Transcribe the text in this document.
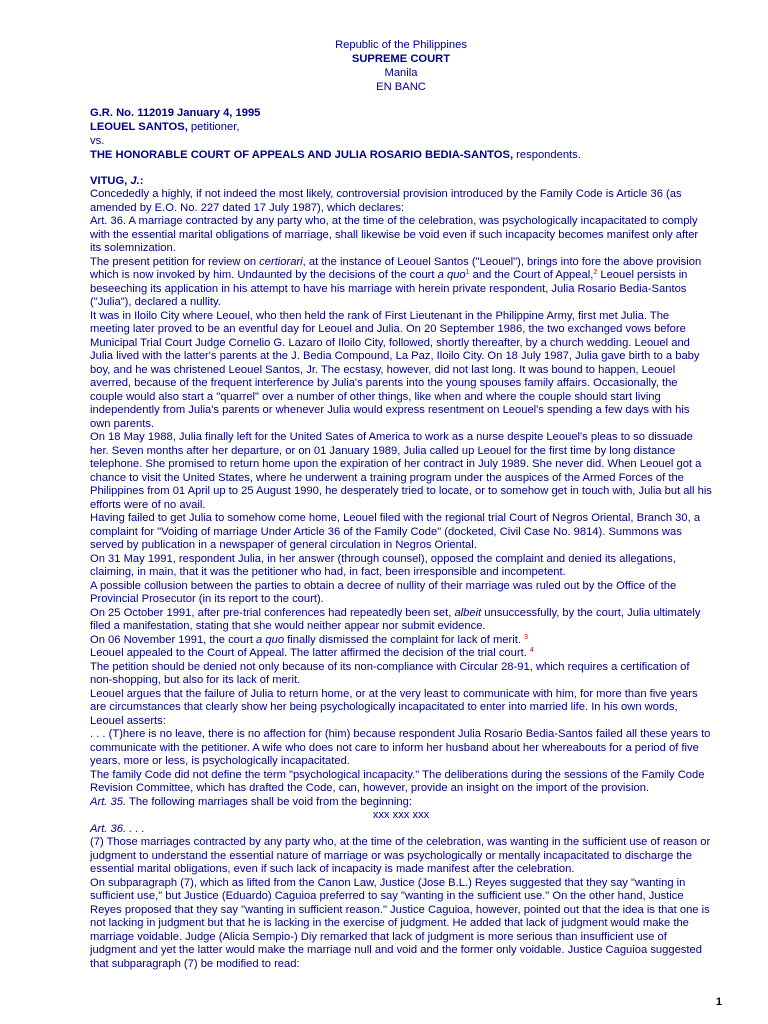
Republic of the Philippines
SUPREME COURT
Manila
EN BANC
G.R. No. 112019 January 4, 1995
LEOUEL SANTOS, petitioner,
vs.
THE HONORABLE COURT OF APPEALS AND JULIA ROSARIO BEDIA-SANTOS, respondents.
VITUG, J.:

Concededly a highly, if not indeed the most likely, controversial provision introduced by the Family Code is Article 36 (as amended by E.O. No. 227 dated 17 July 1987), which declares:

Art. 36. A marriage contracted by any party who, at the time of the celebration, was psychologically incapacitated to comply with the essential marital obligations of marriage, shall likewise be void even if such incapacity becomes manifest only after its solemnization.

The present petition for review on certiorari, at the instance of Leouel Santos ("Leouel"), brings into fore the above provision which is now invoked by him. Undaunted by the decisions of the court a quo$^1$ and the Court of Appeal,$^2$ Leouel persists in beseeching its application in his attempt to have his marriage with herein private respondent, Julia Rosario Bedia-Santos ("Julia"), declared a nullity.

It was in Iloilo City where Leouel, who then held the rank of First Lieutenant in the Philippine Army, first met Julia. The meeting later proved to be an eventful day for Leouel and Julia. On 20 September 1986, the two exchanged vows before Municipal Trial Court Judge Cornelio G. Lazaro of Iloilo City, followed, shortly thereafter, by a church wedding. Leouel and Julia lived with the latter's parents at the J. Bedia Compound, La Paz, Iloilo City. On 18 July 1987, Julia gave birth to a baby boy, and he was christened Leouel Santos, Jr. The ecstasy, however, did not last long. It was bound to happen, Leouel averred, because of the frequent interference by Julia's parents into the young spouses family affairs. Occasionally, the couple would also start a "quarrel" over a number of other things, like when and where the couple should start living independently from Julia's parents or whenever Julia would express resentment on Leouel's spending a few days with his own parents.

On 18 May 1988, Julia finally left for the United Sates of America to work as a nurse despite Leouel's pleas to so dissuade her. Seven months after her departure, or on 01 January 1989, Julia called up Leouel for the first time by long distance telephone. She promised to return home upon the expiration of her contract in July 1989. She never did. When Leouel got a chance to visit the United States, where he underwent a training program under the auspices of the Armed Forces of the Philippines from 01 April up to 25 August 1990, he desperately tried to locate, or to somehow get in touch with, Julia but all his efforts were of no avail.

Having failed to get Julia to somehow come home, Leouel filed with the regional trial Court of Negros Oriental, Branch 30, a complaint for "Voiding of marriage Under Article 36 of the Family Code" (docketed, Civil Case No. 9814). Summons was served by publication in a newspaper of general circulation in Negros Oriental.

On 31 May 1991, respondent Julia, in her answer (through counsel), opposed the complaint and denied its allegations, claiming, in main, that it was the petitioner who had, in fact, been irresponsible and incompetent.

A possible collusion between the parties to obtain a decree of nullity of their marriage was ruled out by the Office of the Provincial Prosecutor (in its report to the court).

On 25 October 1991, after pre-trial conferences had repeatedly been set, albeit unsuccessfully, by the court, Julia ultimately filed a manifestation, stating that she would neither appear nor submit evidence.

On 06 November 1991, the court a quo finally dismissed the complaint for lack of merit. $^3$

Leouel appealed to the Court of Appeal. The latter affirmed the decision of the trial court. $^4$

The petition should be denied not only because of its non-compliance with Circular 28-91, which requires a certification of non-shopping, but also for its lack of merit.

Leouel argues that the failure of Julia to return home, or at the very least to communicate with him, for more than five years are circumstances that clearly show her being psychologically incapacitated to enter into married life. In his own words, Leouel asserts:

. . . (T)here is no leave, there is no affection for (him) because respondent Julia Rosario Bedia-Santos failed all these years to communicate with the petitioner. A wife who does not care to inform her husband about her whereabouts for a period of five years, more or less, is psychologically incapacitated.

The family Code did not define the term "psychological incapacity." The deliberations during the sessions of the Family Code Revision Committee, which has drafted the Code, can, however, provide an insight on the import of the provision.

Art. 35. The following marriages shall be void from the beginning:

xxx xxx xxx

Art. 36. . . .

(7) Those marriages contracted by any party who, at the time of the celebration, was wanting in the sufficient use of reason or judgment to understand the essential nature of marriage or was psychologically or mentally incapacitated to discharge the essential marital obligations, even if such lack of incapacity is made manifest after the celebration.

On subparagraph (7), which as lifted from the Canon Law, Justice (Jose B.L.) Reyes suggested that they say "wanting in sufficient use," but Justice (Eduardo) Caguioa preferred to say "wanting in the sufficient use." On the other hand, Justice Reyes proposed that they say "wanting in sufficient reason." Justice Caguioa, however, pointed out that the idea is that one is not lacking in judgment but that he is lacking in the exercise of judgment. He added that lack of judgment would make the marriage voidable. Judge (Alicia Sempio-) Diy remarked that lack of judgment is more serious than insufficient use of judgment and yet the latter would make the marriage null and void and the former only voidable. Justice Caguioa suggested that subparagraph (7) be modified to read:

1
